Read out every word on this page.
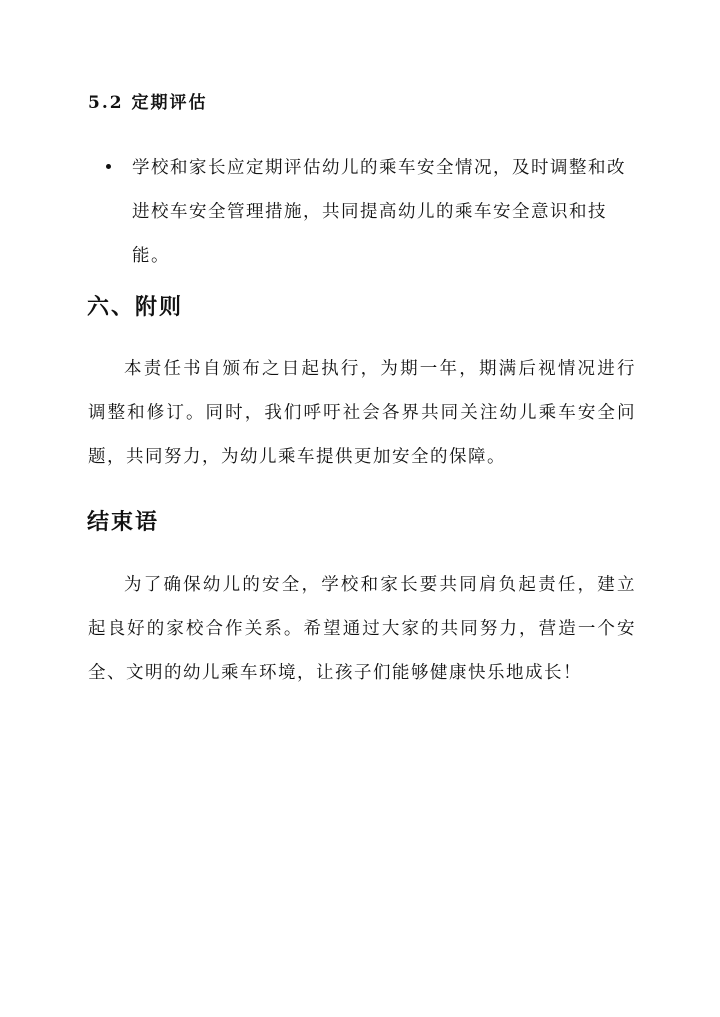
5.2 定期评估
学校和家长应定期评估幼儿的乘车安全情况，及时调整和改进校车安全管理措施，共同提高幼儿的乘车安全意识和技能。
六、附则

本责任书自颁布之日起执行，为期一年，期满后视情况进行调整和修订。同时，我们呼吁社会各界共同关注幼儿乘车安全问题，共同努力，为幼儿乘车提供更加安全的保障。

结束语

为了确保幼儿的安全，学校和家长要共同肩负起责任，建立起良好的家校合作关系。希望通过大家的共同努力，营造一个安全、文明的幼儿乘车环境，让孩子们能够健康快乐地成长！
